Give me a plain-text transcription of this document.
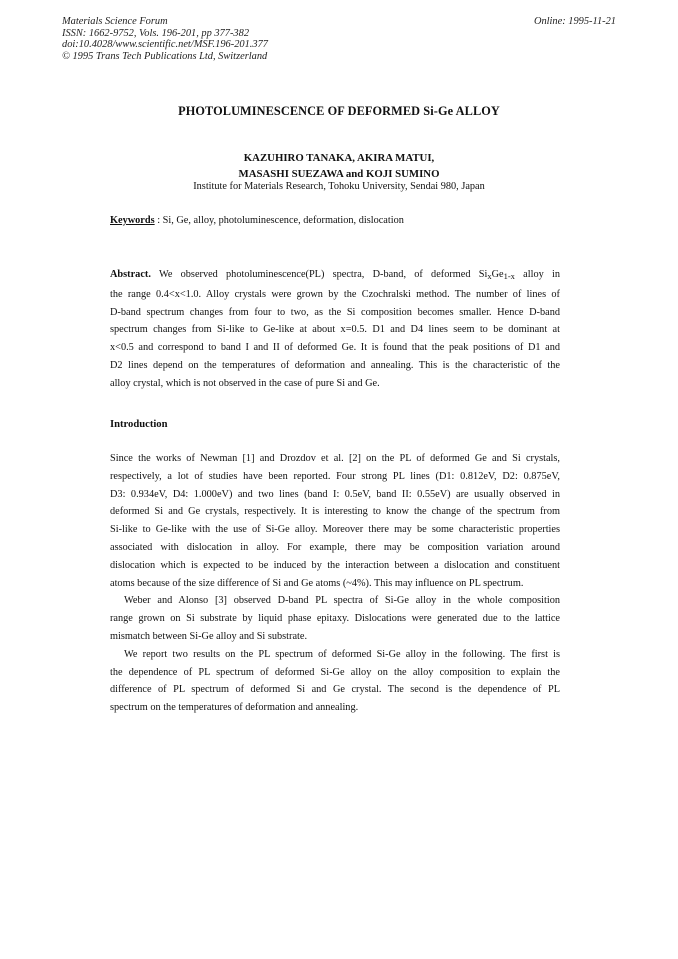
Materials Science Forum
ISSN: 1662-9752, Vols. 196-201, pp 377-382
doi:10.4028/www.scientific.net/MSF.196-201.377
© 1995 Trans Tech Publications Ltd, Switzerland
Online: 1995-11-21
PHOTOLUMINESCENCE OF DEFORMED Si-Ge ALLOY
KAZUHIRO TANAKA, AKIRA MATUI,
MASASHI SUEZAWA and KOJI SUMINO
Institute for Materials Research, Tohoku University, Sendai 980, Japan
Keywords : Si, Ge, alloy, photoluminescence, deformation, dislocation
Abstract. We observed photoluminescence(PL) spectra, D-band, of deformed $Si_xGe_{1-x}$ alloy in
the range 0.4<x<1.0. Alloy crystals were grown by the Czochralski method. The number of lines of
D-band spectrum changes from four to two, as the Si composition becomes smaller. Hence D-band
spectrum changes from Si-like to Ge-like at about x=0.5. D1 and D4 lines seem to be dominant at
x<0.5 and correspond to band I and II of deformed Ge. It is found that the peak positions of D1 and
D2 lines depend on the temperatures of deformation and annealing. This is the characteristic of the
alloy crystal, which is not observed in the case of pure Si and Ge.
Introduction
Since the works of Newman [1] and Drozdov et al. [2] on the PL of deformed Ge and Si crystals,
respectively, a lot of studies have been reported. Four strong PL lines (D1: 0.812eV, D2: 0.875eV,
D3: 0.934eV, D4: 1.000eV) and two lines (band I: 0.5eV, band II: 0.55eV) are usually observed in
deformed Si and Ge crystals, respectively. It is interesting to know the change of the spectrum from
Si-like to Ge-like with the use of Si-Ge alloy. Moreover there may be some characteristic properties
associated with dislocation in alloy. For example, there may be composition variation around
dislocation which is expected to be induced by the interaction between a dislocation and constituent
atoms because of the size difference of Si and Ge atoms (~4%). This may influence on PL spectrum.
Weber and Alonso [3] observed D-band PL spectra of Si-Ge alloy in the whole composition
range grown on Si substrate by liquid phase epitaxy. Dislocations were generated due to the lattice
mismatch between Si-Ge alloy and Si substrate.
We report two results on the PL spectrum of deformed Si-Ge alloy in the following. The first is
the dependence of PL spectrum of deformed Si-Ge alloy on the alloy composition to explain the
difference of PL spectrum of deformed Si and Ge crystal. The second is the dependence of PL
spectrum on the temperatures of deformation and annealing.
